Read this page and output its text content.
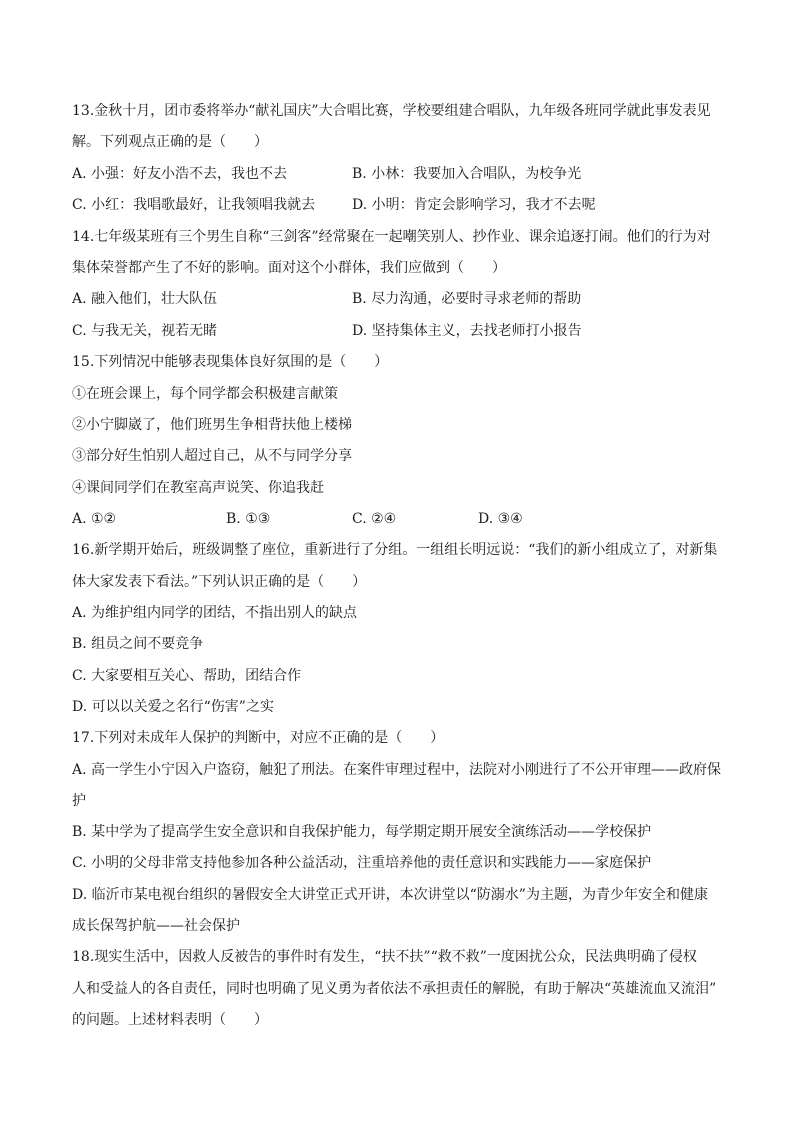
13.金秋十月，团市委将举办“献礼国庆”大合唱比赛，学校要组建合唱队，九年级各班同学就此事发表见
解。下列观点正确的是（　　）
A. 小强：好友小浩不去，我也不去	B. 小林：我要加入合唱队，为校争光
C. 小红：我唱歌最好，让我领唱我就去	D. 小明：肯定会影响学习，我才不去呢
14.七年级某班有三个男生自称“三剑客”经常聚在一起嘲笑别人、抄作业、课余追逐打闹。他们的行为对
集体荣誉都产生了不好的影响。面对这个小群体，我们应做到（　　）
A. 融入他们，壮大队伍	B. 尽力沟通，必要时寻求老师的帮助
C. 与我无关，视若无睹	D. 坚持集体主义，去找老师打小报告
15.下列情况中能够表现集体良好氛围的是（　　）
①在班会课上，每个同学都会积极建言献策
②小宁脚崴了，他们班男生争相背扶他上楼梯
③部分好生怕别人超过自己，从不与同学分享
④课间同学们在教室高声说笑、你追我赶
A. ①②	B. ①③	C. ②④	D. ③④
16.新学期开始后，班级调整了座位，重新进行了分组。一组组长明远说：“我们的新小组成立了，对新集
体大家发表下看法。”下列认识正确的是（　　）
A. 为维护组内同学的团结，不指出别人的缺点
B. 组员之间不要竞争
C. 大家要相互关心、帮助，团结合作
D. 可以以关爱之名行“伤害”之实
17.下列对未成年人保护的判断中，对应不正确的是（　　）
A. 高一学生小宁因入户盗窃，触犯了刑法。在案件审理过程中，法院对小刚进行了不公开审理——政府保
护
B. 某中学为了提高学生安全意识和自我保护能力，每学期定期开展安全演练活动——学校保护
C. 小明的父母非常支持他参加各种公益活动，注重培养他的责任意识和实践能力——家庭保护
D. 临沂市某电视台组织的暑假安全大讲堂正式开讲，本次讲堂以“防溺水”为主题，为青少年安全和健康
成长保驾护航——社会保护
18.现实生活中，因救人反被告的事件时有发生，“扶不扶”“救不救”一度困扰公众，民法典明确了侵权
人和受益人的各自责任，同时也明确了见义勇为者依法不承担责任的解脱，有助于解决“英雄流血又流泪”
的问题。上述材料表明（　　）
